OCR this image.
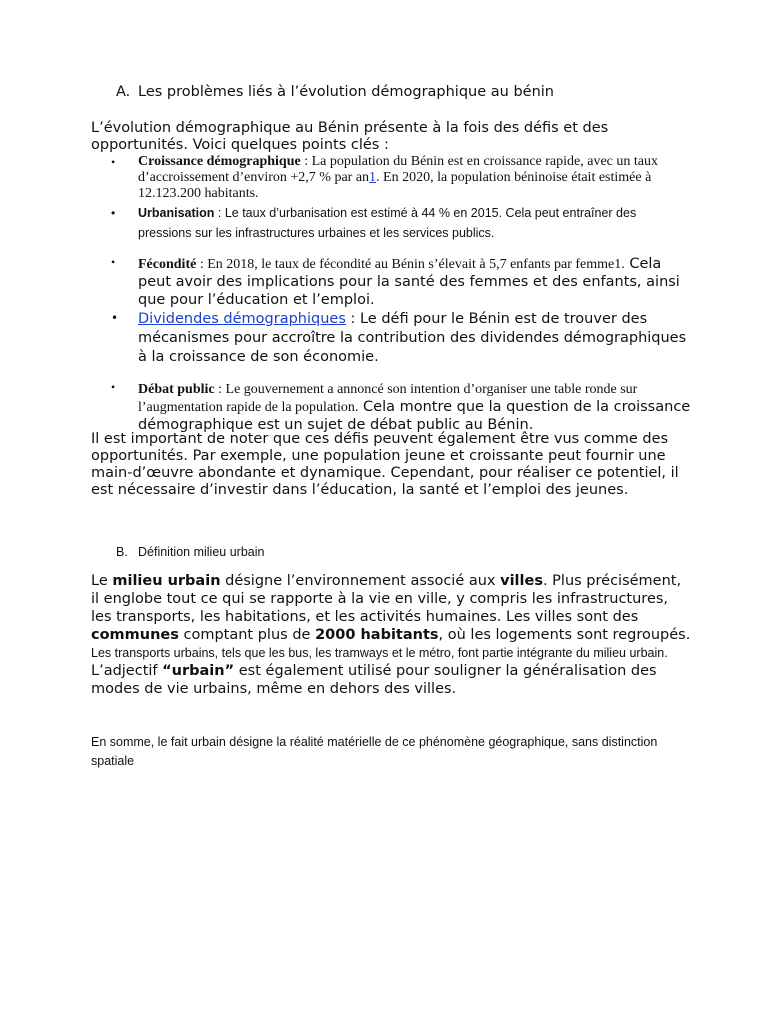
A. Les problèmes liés à l’évolution démographique au bénin
L’évolution démographique au Bénin présente à la fois des défis et des opportunités. Voici quelques points clés :
• Croissance démographique : La population du Bénin est en croissance rapide, avec un taux d’accroissement d’environ +2,7 % par an1. En 2020, la population béninoise était estimée à 12.123.200 habitants.
• Urbanisation : Le taux d’urbanisation est estimé à 44 % en 2015. Cela peut entraîner des pressions sur les infrastructures urbaines et les services publics.
• Fécondité : En 2018, le taux de fécondité au Bénin s’élevait à 5,7 enfants par femme1. Cela peut avoir des implications pour la santé des femmes et des enfants, ainsi que pour l’éducation et l’emploi.
• Dividendes démographiques : Le défi pour le Bénin est de trouver des mécanismes pour accroître la contribution des dividendes démographiques à la croissance de son économie.
• Débat public : Le gouvernement a annoncé son intention d’organiser une table ronde sur l’augmentation rapide de la population. Cela montre que la question de la croissance démographique est un sujet de débat public au Bénin.
Il est important de noter que ces défis peuvent également être vus comme des opportunités. Par exemple, une population jeune et croissante peut fournir une main-d’œuvre abondante et dynamique. Cependant, pour réaliser ce potentiel, il est nécessaire d’investir dans l’éducation, la santé et l’emploi des jeunes.
B. Définition milieu urbain
Le milieu urbain désigne l’environnement associé aux villes. Plus précisément, il englobe tout ce qui se rapporte à la vie en ville, y compris les infrastructures, les transports, les habitations, et les activités humaines. Les villes sont des communes comptant plus de 2000 habitants, où les logements sont regroupés. Les transports urbains, tels que les bus, les tramways et le métro, font partie intégrante du milieu urbain.
L’adjectif “urbain” est également utilisé pour souligner la généralisation des modes de vie urbains, même en dehors des villes.
En somme, le fait urbain désigne la réalité matérielle de ce phénomène géographique, sans distinction spatiale
